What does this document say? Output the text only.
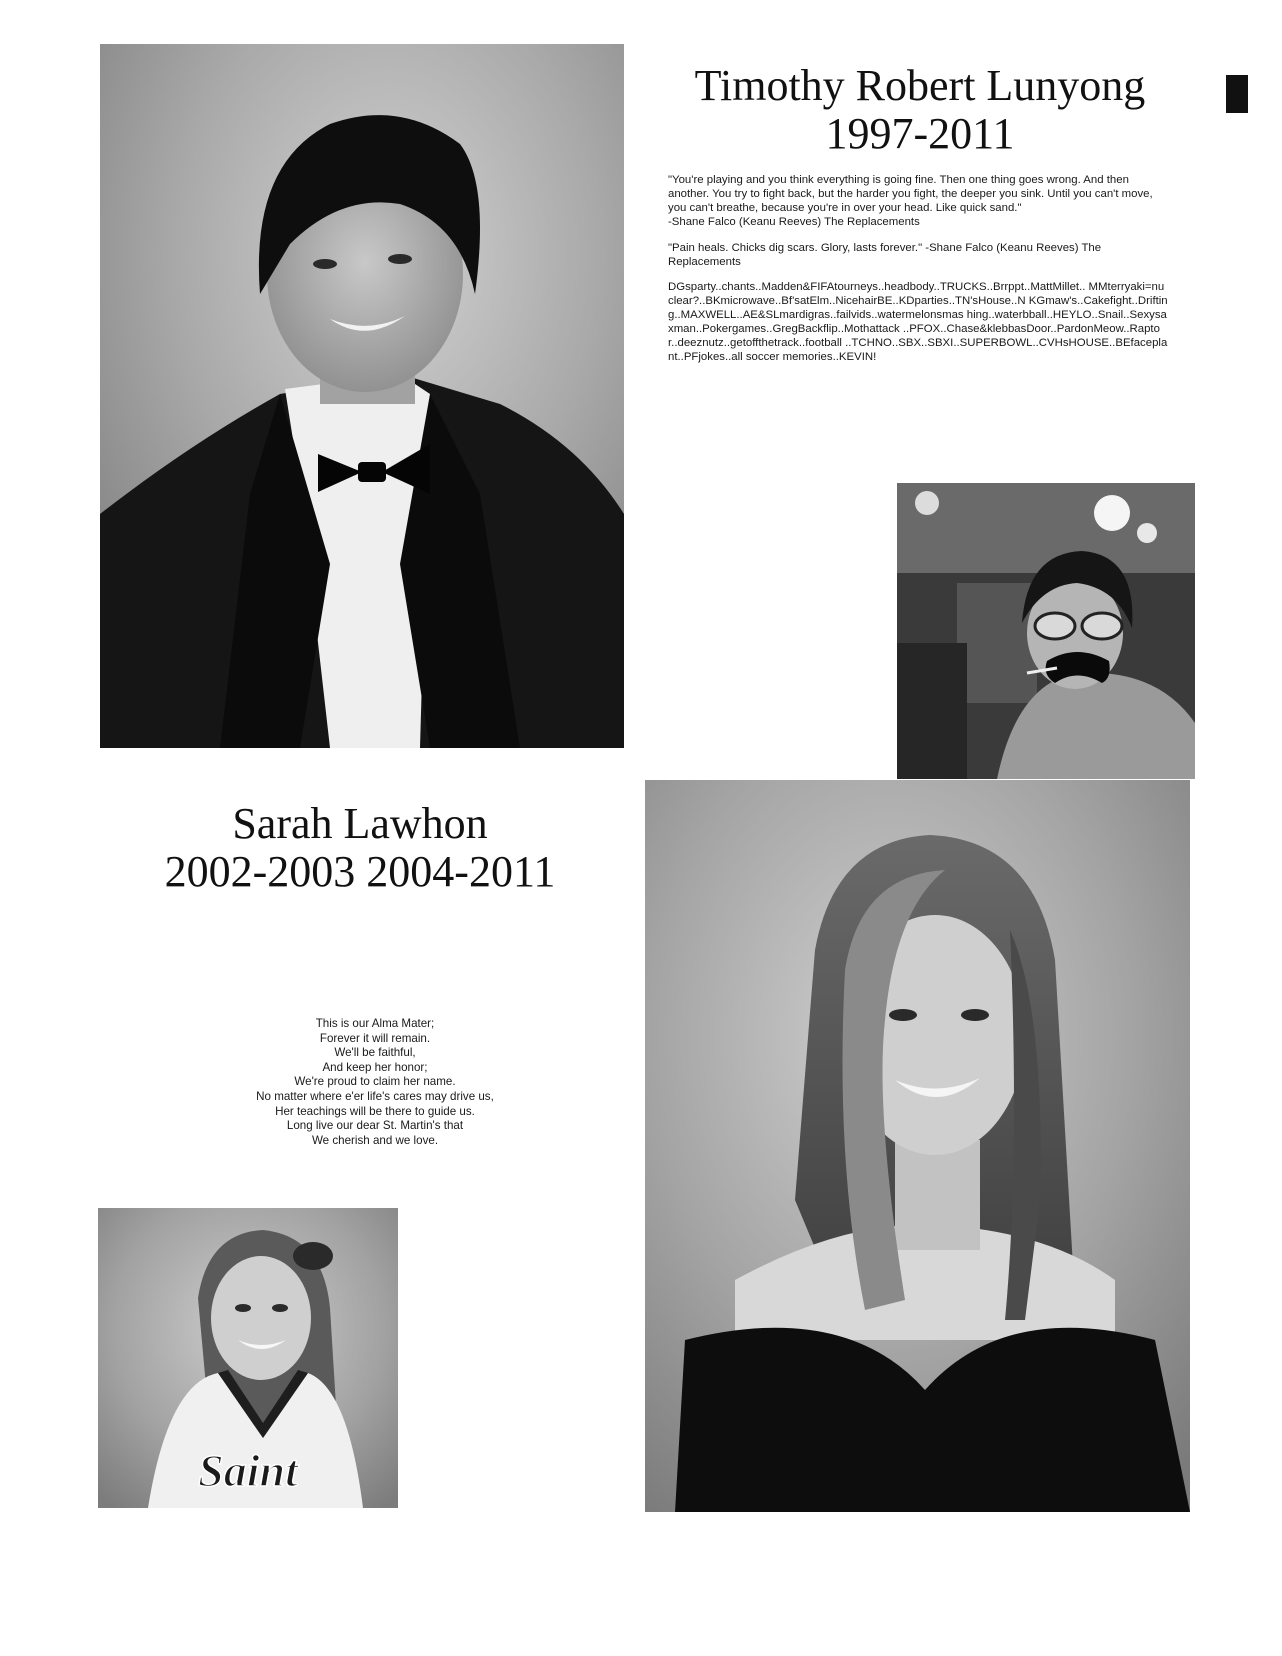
Timothy Robert Lunyong
1997-2011

"You're playing and you think everything is going fine. Then one thing goes wrong. And then another. You try to fight back, but the harder you fight, the deeper you sink. Until you can't move, you can't breathe, because you're in over your head. Like quick sand."
-Shane Falco (Keanu Reeves) The Replacements

"Pain heals. Chicks dig scars. Glory, lasts forever." -Shane Falco (Keanu Reeves) The Replacements

DGsparty..chants..Madden&FIFAtourneys..headbody..TRUCKS..Brrppt..MattMillet.. MMterryaki=nuclear?..BKmicrowave..Bf'satElm..NicehairBE..KDparties..TN'sHouse..N KGmaw's..Cakefight..Drifting..MAXWELL..AE&SLmardigras..failvids..watermelonsmas hing..waterbball..HEYLO..Snail..Sexysaxman..Pokergames..GregBackflip..Mothattack ..PFOX..Chase&klebbasDoor..PardonMeow..Raptor..deeznutz..getoffthetrack..football ..TCHNO..SBX..SBXI..SUPERBOWL..CVHsHOUSE..BEfaceplant..PFjokes..all soccer memories..KEVIN!

Sarah Lawhon
2002-2003 2004-2011
This is our Alma Mater;
Forever it will remain.
We'll be faithful,
And keep her honor;
We're proud to claim her name.
No matter where e'er life's cares may drive us,
Her teachings will be there to guide us.
Long live our dear St. Martin's that
We cherish and we love.
Saint
